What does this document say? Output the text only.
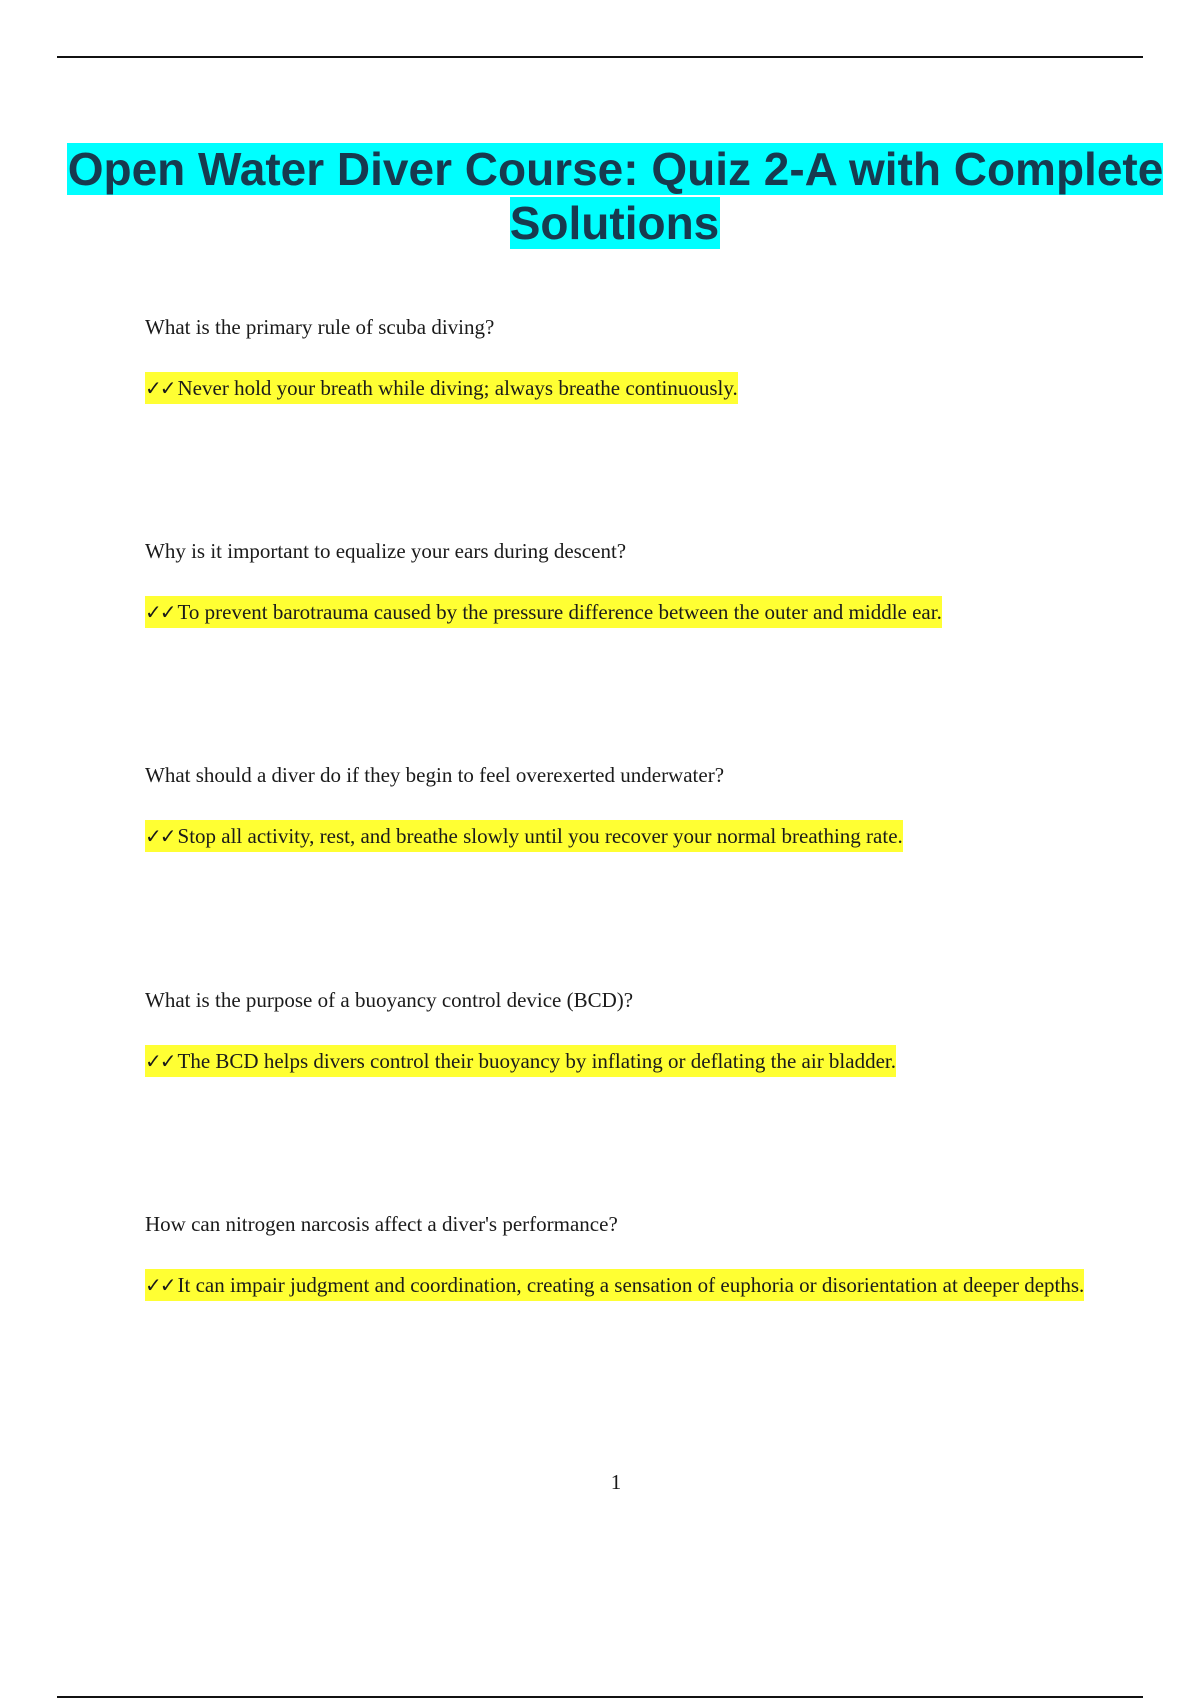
Open Water Diver Course: Quiz 2-A with Complete Solutions

What is the primary rule of scuba diving?

✓✓ Never hold your breath while diving; always breathe continuously.

Why is it important to equalize your ears during descent?

✓✓ To prevent barotrauma caused by the pressure difference between the outer and middle ear.

What should a diver do if they begin to feel overexerted underwater?

✓✓ Stop all activity, rest, and breathe slowly until you recover your normal breathing rate.

What is the purpose of a buoyancy control device (BCD)?

✓✓ The BCD helps divers control their buoyancy by inflating or deflating the air bladder.

How can nitrogen narcosis affect a diver's performance?

✓✓ It can impair judgment and coordination, creating a sensation of euphoria or disorientation at deeper depths.

1
